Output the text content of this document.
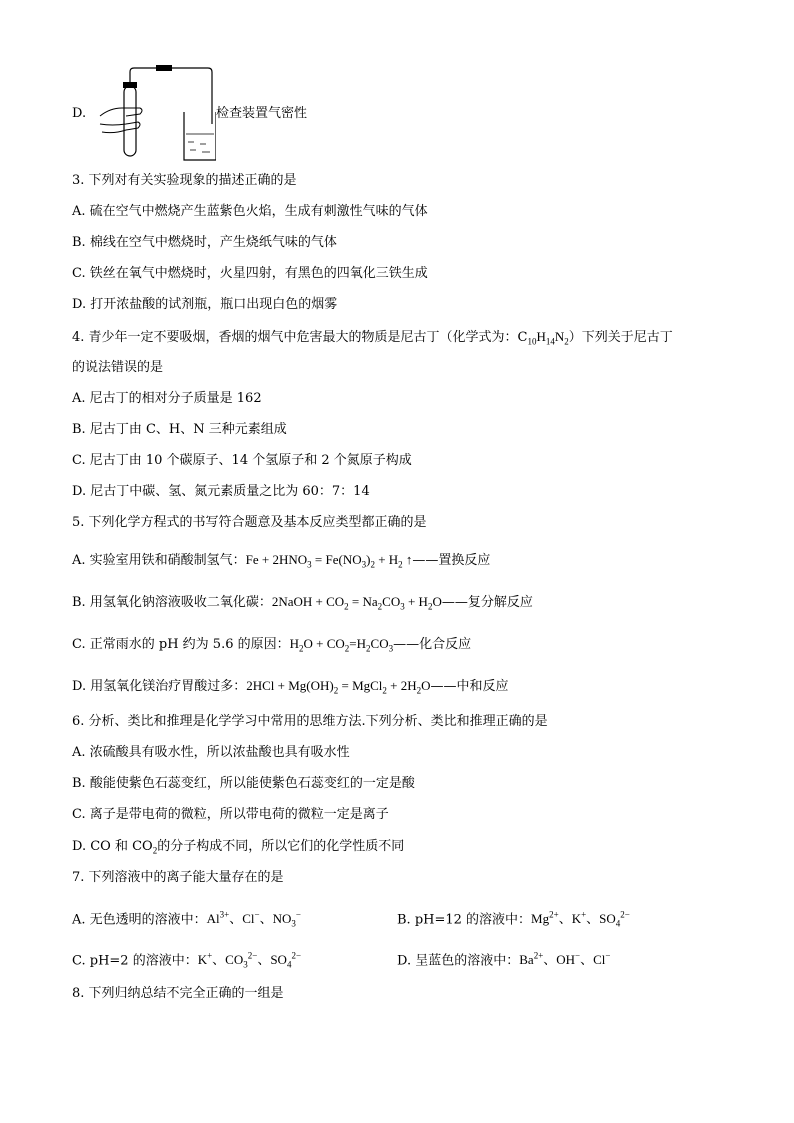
D.	检查装置气密性
3. 下列对有关实验现象的描述正确的是
A. 硫在空气中燃烧产生蓝紫色火焰，生成有刺激性气味的气体
B. 棉线在空气中燃烧时，产生烧纸气味的气体
C. 铁丝在氧气中燃烧时，火星四射，有黑色的四氧化三铁生成
D. 打开浓盐酸的试剂瓶，瓶口出现白色的烟雾
4. 青少年一定不要吸烟，香烟的烟气中危害最大的物质是尼古丁（化学式为：$C_{10}H_{14}N_2$）下列关于尼古丁
的说法错误的是
A. 尼古丁的相对分子质量是 162
B. 尼古丁由 C、H、N 三种元素组成
C. 尼古丁由 10 个碳原子、14 个氢原子和 2 个氮原子构成
D. 尼古丁中碳、氢、氮元素质量之比为 60：7：14
5. 下列化学方程式的书写符合题意及基本反应类型都正确的是
A. 实验室用铁和硝酸制氢气：$Fe + 2HNO_3 = Fe(NO_3)_2 + H_2$ ↑——置换反应
B. 用氢氧化钠溶液吸收二氧化碳：2NaOH + $CO_2 = Na_2CO_3$ + $H_2O——$复分解反应
C. 正常雨水的 pH 约为 5.6 的原因：$H_2O$ + $CO_2=H_2CO_3——$化合反应
D. 用氢氧化镁治疗胃酸过多：$2HCl + Mg(OH)_2$ = MgCl$_2$ + $2H_2O——$中和反应
6. 分析、类比和推理是化学学习中常用的思维方法.下列分析、类比和推理正确的是
A. 浓硫酸具有吸水性，所以浓盐酸也具有吸水性
B. 酸能使紫色石蕊变红，所以能使紫色石蕊变红的一定是酸
C. 离子是带电荷的微粒，所以带电荷的微粒一定是离子
D. CO 和 $CO_2$的分子构成不同，所以它们的化学性质不同
7. 下列溶液中的离子能大量存在的是
A. 无色透明的溶液中：$Al^{3+}$、Cl−、$NO_3^-$	B. pH=12 的溶液中：$Mg^{2+}$、K+、$SO_4^{2-}$
C. pH=2 的溶液中：K+、$CO_3^{2-}$、$SO_4^{2-}$	D. 呈蓝色的溶液中：$Ba^{2+}$、OH−、Cl−
8. 下列归纳总结不完全正确的一组是
